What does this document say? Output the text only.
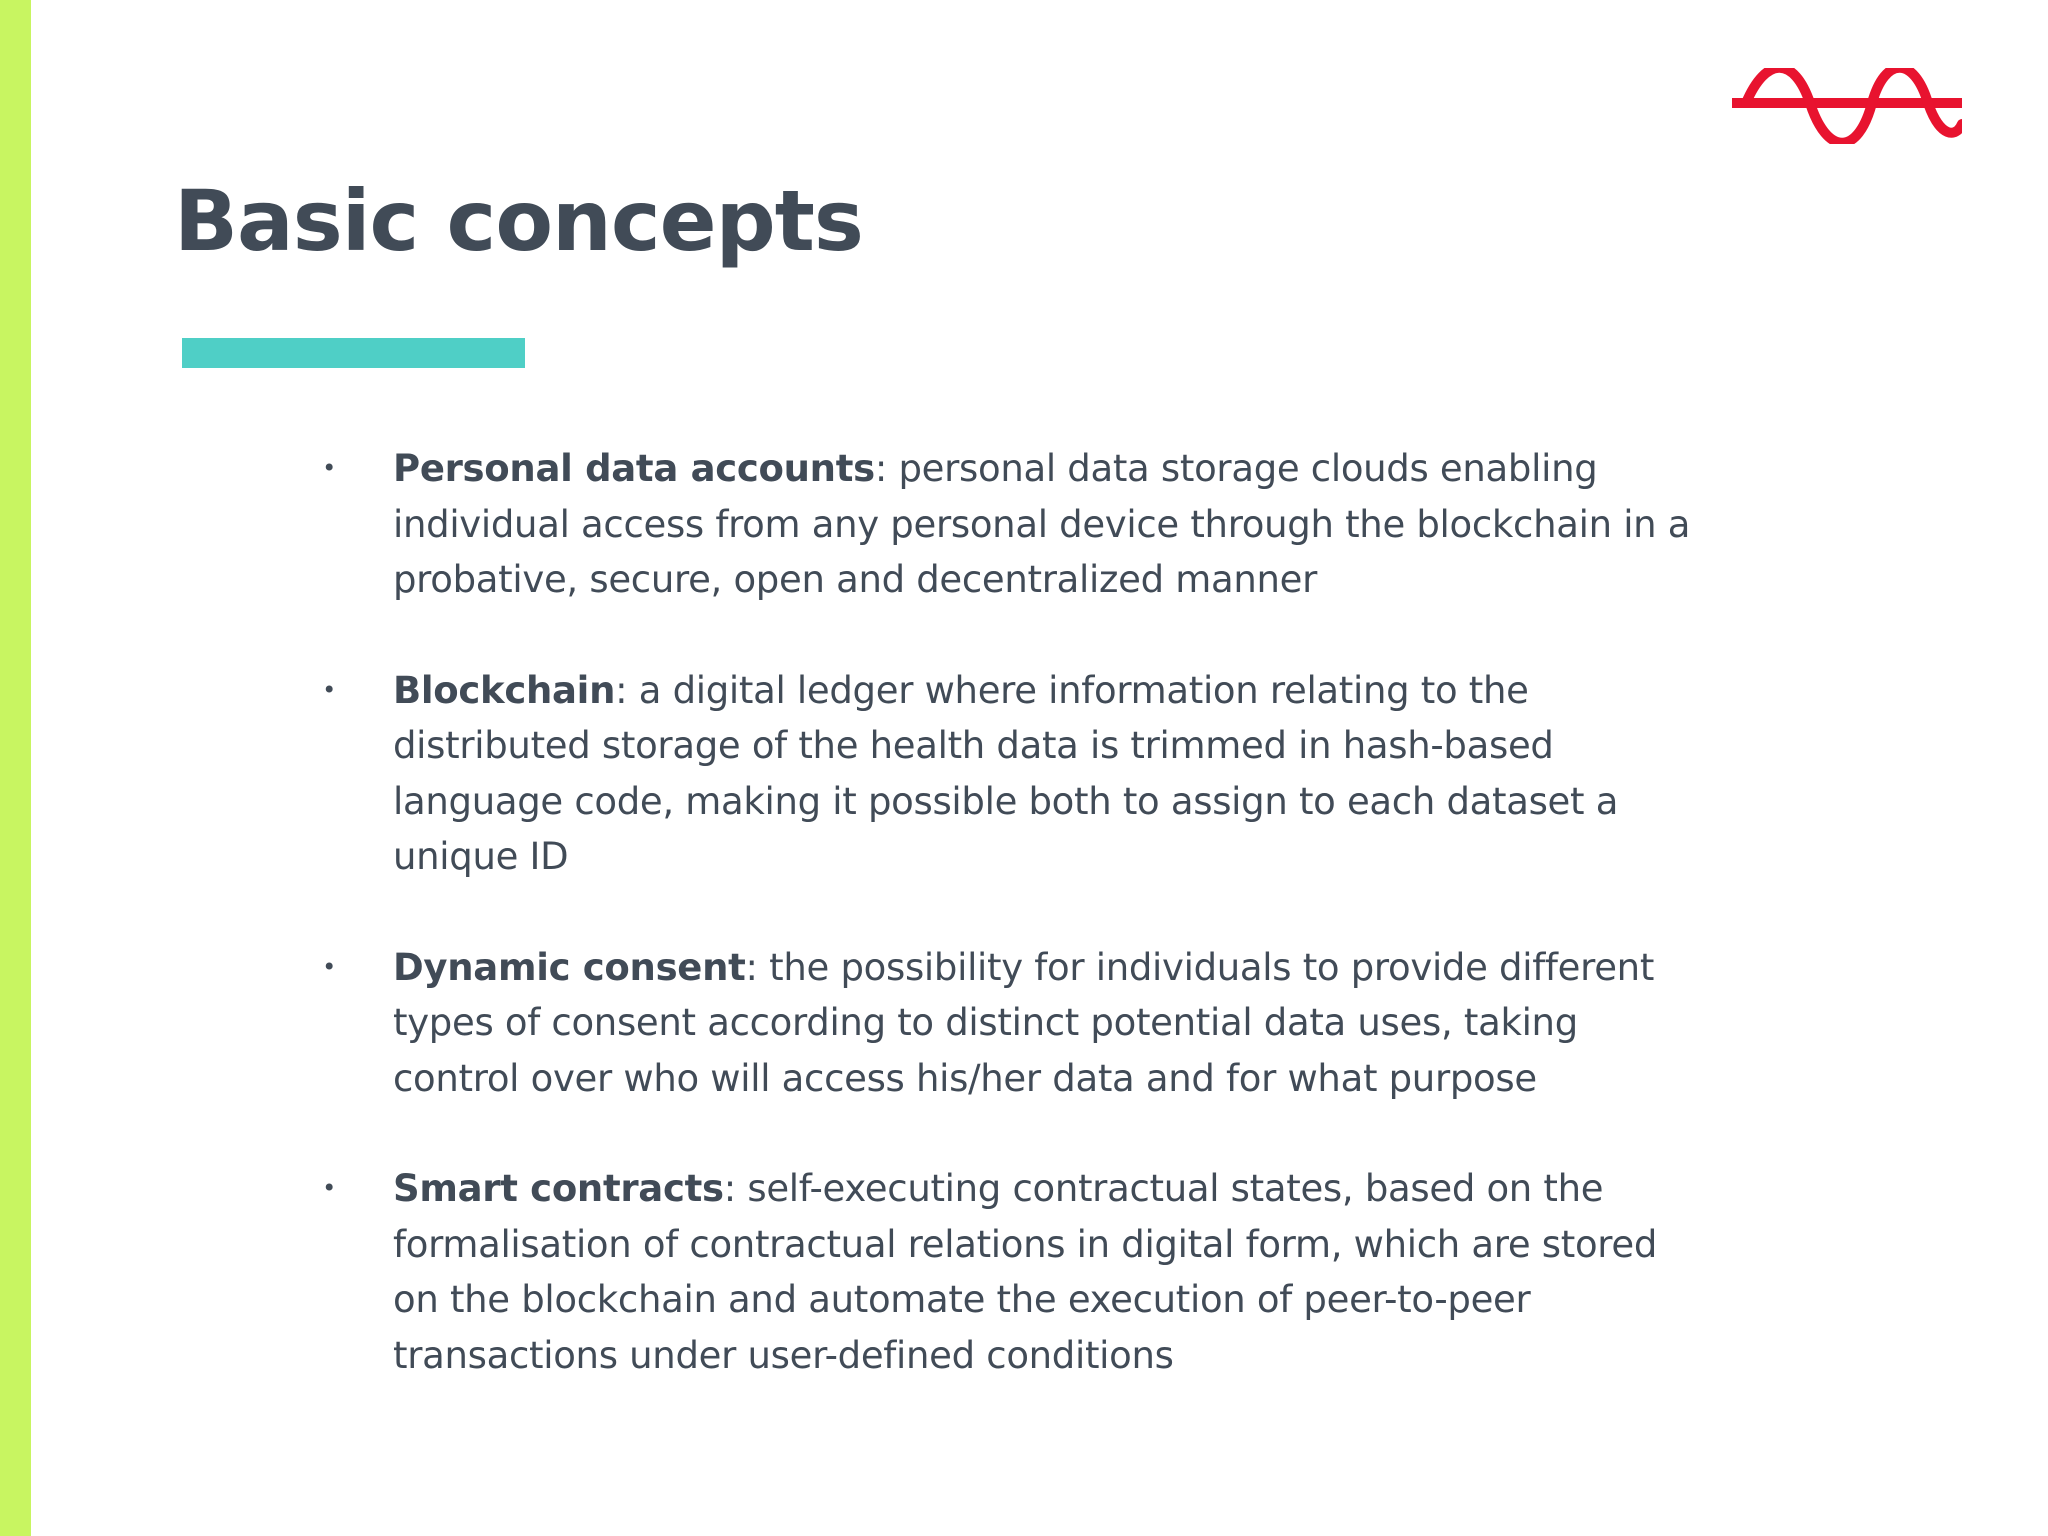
Basic concepts
• Personal data accounts: personal data storage clouds enabling
individual access from any personal device through the blockchain in a
probative, secure, open and decentralized manner
• Blockchain: a digital ledger where information relating to the
distributed storage of the health data is trimmed in hash-based
language code, making it possible both to assign to each dataset a
unique ID
• Dynamic consent: the possibility for individuals to provide different
types of consent according to distinct potential data uses, taking
control over who will access his/her data and for what purpose
• Smart contracts: self-executing contractual states, based on the
formalisation of contractual relations in digital form, which are stored
on the blockchain and automate the execution of peer-to-peer
transactions under user-defined conditions
